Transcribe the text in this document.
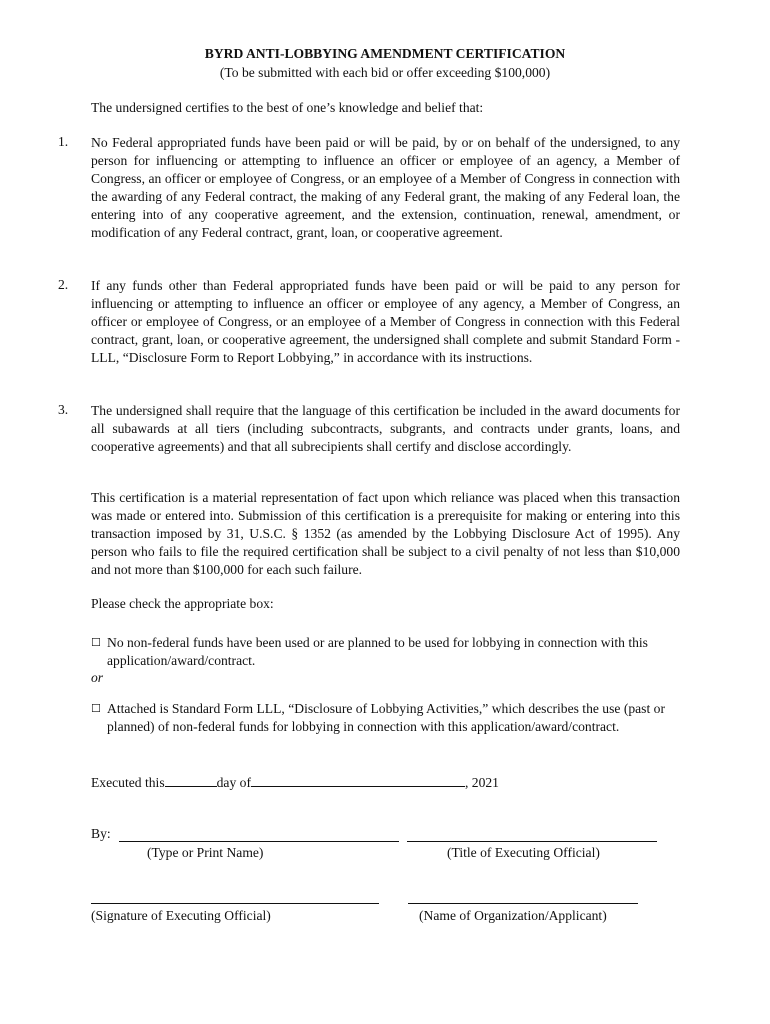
BYRD ANTI-LOBBYING AMENDMENT CERTIFICATION
(To be submitted with each bid or offer exceeding $100,000)
The undersigned certifies to the best of one’s knowledge and belief that:
1. No Federal appropriated funds have been paid or will be paid, by or on behalf of the undersigned, to any person for influencing or attempting to influence an officer or employee of an agency, a Member of Congress, an officer or employee of Congress, or an employee of a Member of Congress in connection with the awarding of any Federal contract, the making of any Federal grant, the making of any Federal loan, the entering into of any cooperative agreement, and the extension, continuation, renewal, amendment, or modification of any Federal contract, grant, loan, or cooperative agreement.
2. If any funds other than Federal appropriated funds have been paid or will be paid to any person for influencing or attempting to influence an officer or employee of any agency, a Member of Congress, an officer or employee of Congress, or an employee of a Member of Congress in connection with this Federal contract, grant, loan, or cooperative agreement, the undersigned shall complete and submit Standard Form - LLL, “Disclosure Form to Report Lobbying,” in accordance with its instructions.
3. The undersigned shall require that the language of this certification be included in the award documents for all subawards at all tiers (including subcontracts, subgrants, and contracts under grants, loans, and cooperative agreements) and that all subrecipients shall certify and disclose accordingly.
This certification is a material representation of fact upon which reliance was placed when this transaction was made or entered into. Submission of this certification is a prerequisite for making or entering into this transaction imposed by 31, U.S.C. § 1352 (as amended by the Lobbying Disclosure Act of 1995). Any person who fails to file the required certification shall be subject to a civil penalty of not less than $10,000 and not more than $100,000 for each such failure.
Please check the appropriate box:
☐ No non-federal funds have been used or are planned to be used for lobbying in connection with this application/award/contract.
or
☐ Attached is Standard Form LLL, “Disclosure of Lobbying Activities,” which describes the use (past or planned) of non-federal funds for lobbying in connection with this application/award/contract.
Executed this	day of	, 2021
By:
(Type or Print Name)	(Title of Executing Official)
(Signature of Executing Official)	(Name of Organization/Applicant)
